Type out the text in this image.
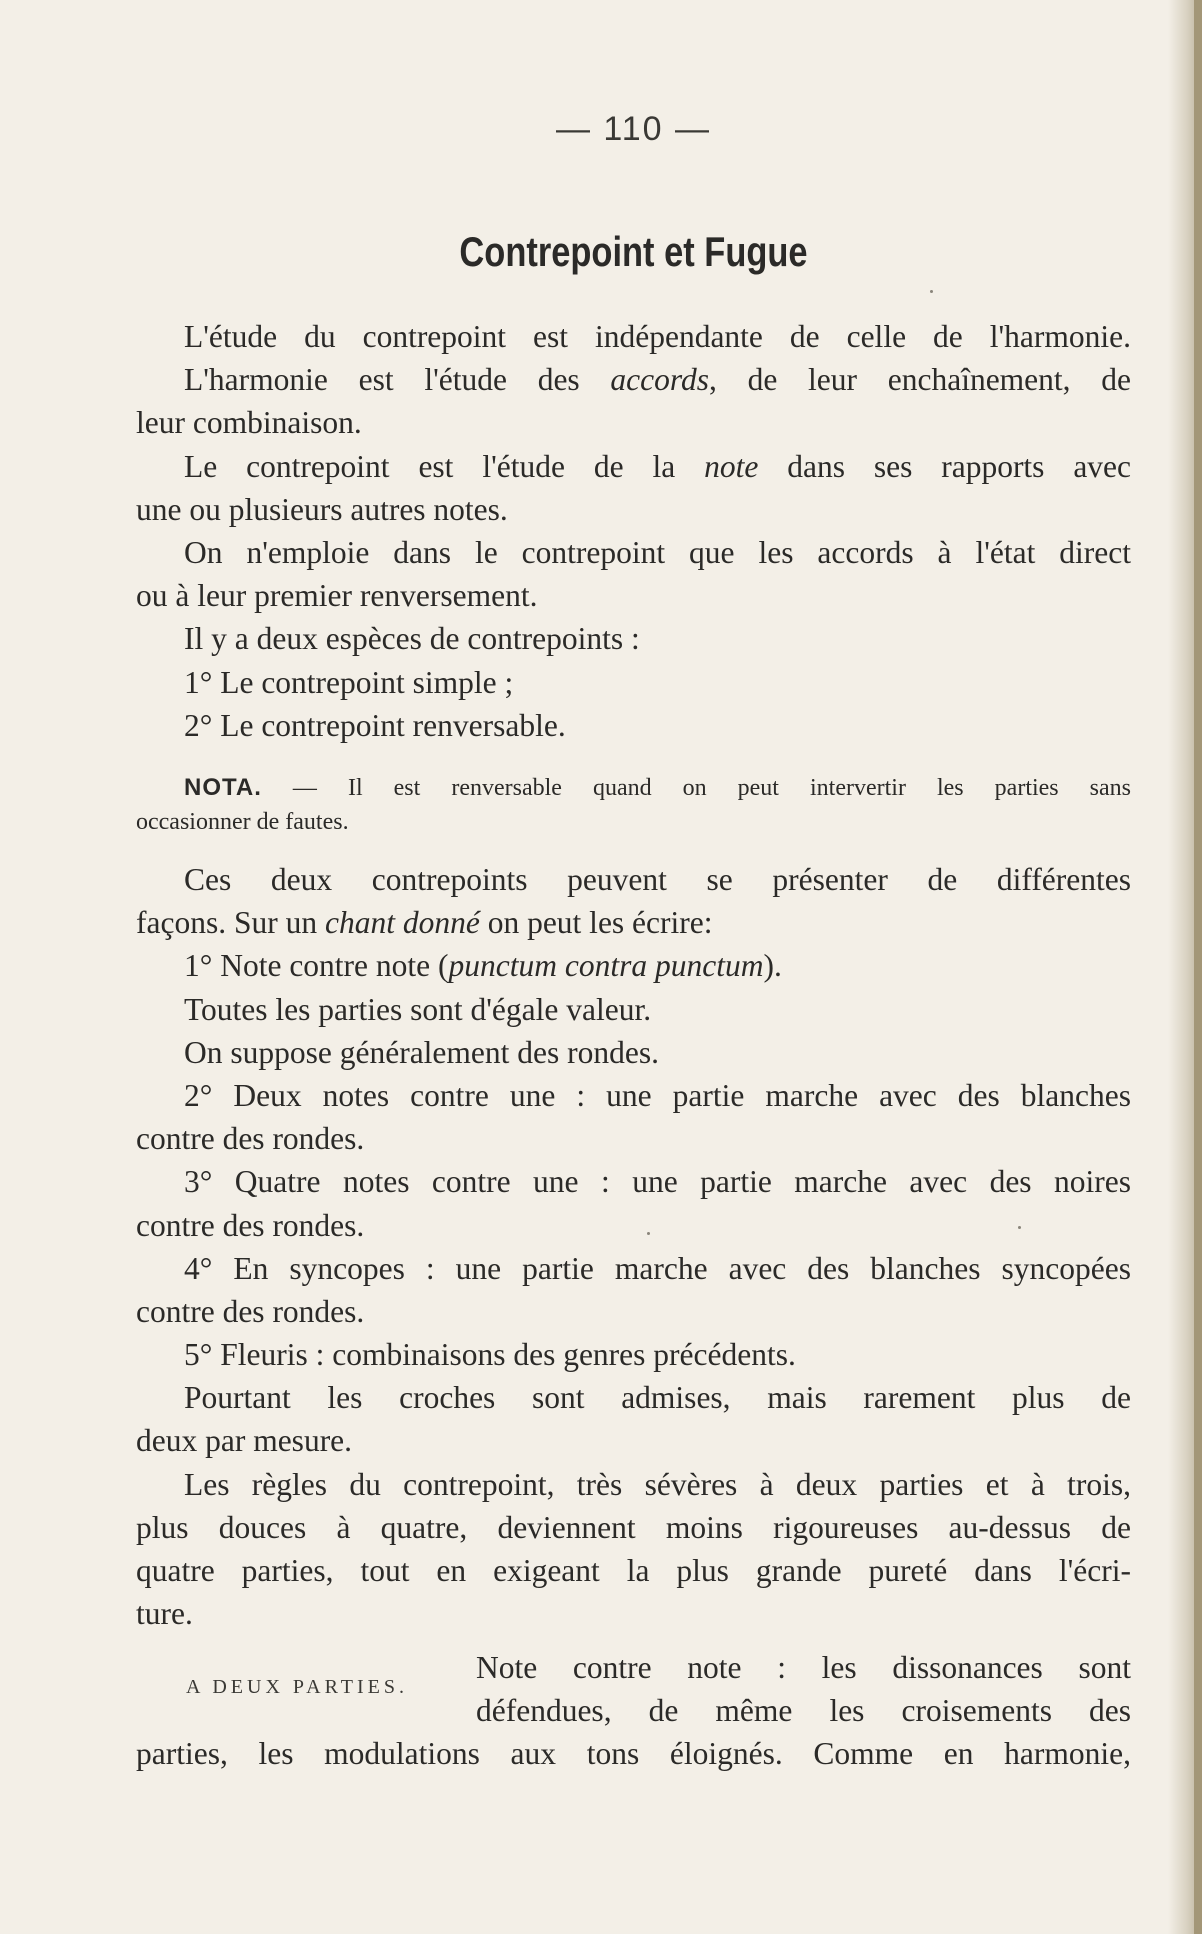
— 110 —
Contrepoint et Fugue
L'étude du contrepoint est indépendante de celle de l'harmonie.
L'harmonie est l'étude des accords, de leur enchaînement, de
leur combinaison.
Le contrepoint est l'étude de la note dans ses rapports avec
une ou plusieurs autres notes.
On n'emploie dans le contrepoint que les accords à l'état direct
ou à leur premier renversement.
Il y a deux espèces de contrepoints :
1° Le contrepoint simple ;
2° Le contrepoint renversable.
NOTA. — Il est renversable quand on peut intervertir les parties sans
occasionner de fautes.
Ces deux contrepoints peuvent se présenter de différentes
façons. Sur un chant donné on peut les écrire:
1° Note contre note (punctum contra punctum).
Toutes les parties sont d'égale valeur.
On suppose généralement des rondes.
2° Deux notes contre une : une partie marche avec des blanches
contre des rondes.
3° Quatre notes contre une : une partie marche avec des noires
contre des rondes.
4° En syncopes : une partie marche avec des blanches syncopées
contre des rondes.
5° Fleuris : combinaisons des genres précédents.
Pourtant les croches sont admises, mais rarement plus de
deux par mesure.
Les règles du contrepoint, très sévères à deux parties et à trois,
plus douces à quatre, deviennent moins rigoureuses au-dessus de
quatre parties, tout en exigeant la plus grande pureté dans l'écri-
ture.
Note contre note : les dissonances sont
défendues, de même les croisements des
parties, les modulations aux tons éloignés. Comme en harmonie,
A DEUX PARTIES.
